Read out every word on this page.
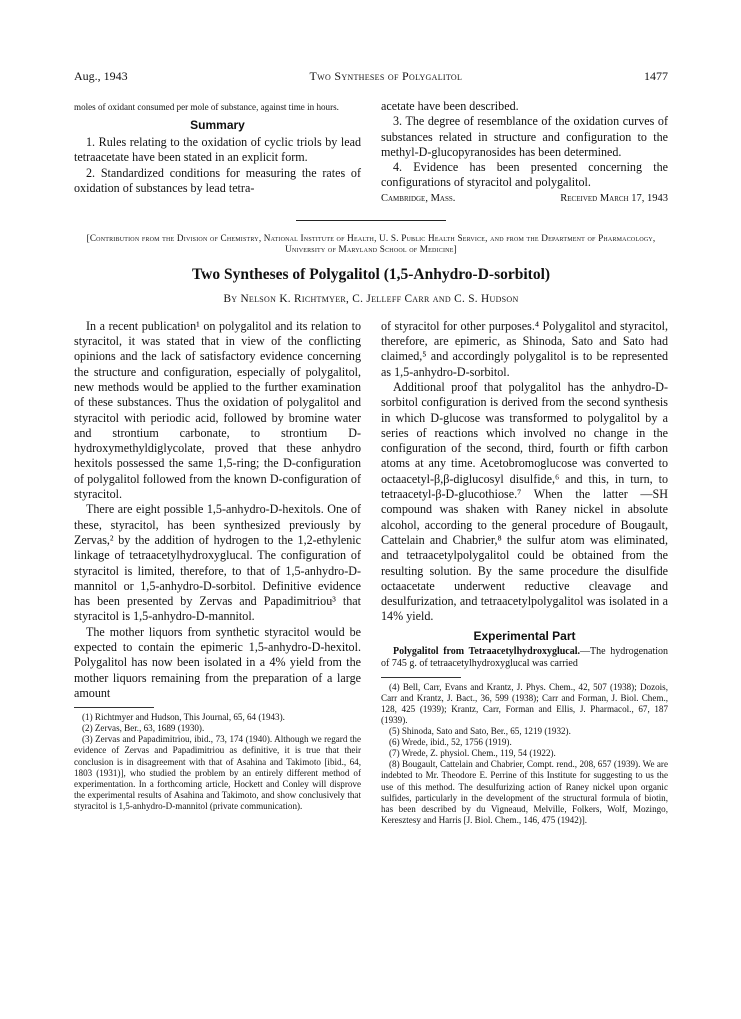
Aug., 1943	Two Syntheses of Polygalitol	1477

moles of oxidant consumed per mole of substance, against time in hours.

Summary

1. Rules relating to the oxidation of cyclic triols by lead tetraacetate have been stated in an explicit form.

2. Standardized conditions for measuring the rates of oxidation of substances by lead tetra-

acetate have been described.

3. The degree of resemblance of the oxidation curves of substances related in structure and configuration to the methyl-D-glucopyranosides has been determined.

4. Evidence has been presented concerning the configurations of styracitol and polygalitol.

Cambridge, Mass.	Received March 17, 1943
[Contribution from the Division of Chemistry, National Institute of Health, U. S. Public Health Service, and from the Department of Pharmacology, University of Maryland School of Medicine]
Two Syntheses of Polygalitol (1,5-Anhydro-D-sorbitol)
By Nelson K. Richtmyer, C. Jelleff Carr and C. S. Hudson

In a recent publication¹ on polygalitol and its relation to styracitol, it was stated that in view of the conflicting opinions and the lack of satisfactory evidence concerning the structure and configuration, especially of polygalitol, new methods would be applied to the further examination of these substances. Thus the oxidation of polygalitol and styracitol with periodic acid, followed by bromine water and strontium carbonate, to strontium D-hydroxymethyldiglycolate, proved that these anhydro hexitols possessed the same 1,5-ring; the D-configuration of polygalitol followed from the known D-configuration of styracitol.

There are eight possible 1,5-anhydro-D-hexitols. One of these, styracitol, has been synthesized previously by Zervas,² by the addition of hydrogen to the 1,2-ethylenic linkage of tetraacetylhydroxyglucal. The configuration of styracitol is limited, therefore, to that of 1,5-anhydro-D-mannitol or 1,5-anhydro-D-sorbitol. Definitive evidence has been presented by Zervas and Papadimitriou³ that styracitol is 1,5-anhydro-D-mannitol.

The mother liquors from synthetic styracitol would be expected to contain the epimeric 1,5-anhydro-D-hexitol. Polygalitol has now been isolated in a 4% yield from the mother liquors remaining from the preparation of a large amount

(1) Richtmyer and Hudson, This Journal, 65, 64 (1943).

(2) Zervas, Ber., 63, 1689 (1930).

(3) Zervas and Papadimitriou, ibid., 73, 174 (1940). Although we regard the evidence of Zervas and Papadimitriou as definitive, it is true that their conclusion is in disagreement with that of Asahina and Takimoto [ibid., 64, 1803 (1931)], who studied the problem by an entirely different method of experimentation. In a forthcoming article, Hockett and Conley will disprove the experimental results of Asahina and Takimoto, and show conclusively that styracitol is 1,5-anhydro-D-mannitol (private communication).

of styracitol for other purposes.⁴ Polygalitol and styracitol, therefore, are epimeric, as Shinoda, Sato and Sato had claimed,⁵ and accordingly polygalitol is to be represented as 1,5-anhydro-D-sorbitol.

Additional proof that polygalitol has the anhydro-D-sorbitol configuration is derived from the second synthesis in which D-glucose was transformed to polygalitol by a series of reactions which involved no change in the configuration of the second, third, fourth or fifth carbon atoms at any time. Acetobromoglucose was converted to octaacetyl-β,β-diglucosyl disulfide,⁶ and this, in turn, to tetraacetyl-β-D-glucothiose.⁷ When the latter —SH compound was shaken with Raney nickel in absolute alcohol, according to the general procedure of Bougault, Cattelain and Chabrier,⁸ the sulfur atom was eliminated, and tetraacetylpolygalitol could be obtained from the resulting solution. By the same procedure the disulfide octaacetate underwent reductive cleavage and desulfurization, and tetraacetylpolygalitol was isolated in a 14% yield.

Experimental Part

Polygalitol from Tetraacetylhydroxyglucal.—The hydrogenation of 745 g. of tetraacetylhydroxyglucal was carried

(4) Bell, Carr, Evans and Krantz, J. Phys. Chem., 42, 507 (1938); Dozois, Carr and Krantz, J. Bact., 36, 599 (1938); Carr and Forman, J. Biol. Chem., 128, 425 (1939); Krantz, Carr, Forman and Ellis, J. Pharmacol., 67, 187 (1939).

(5) Shinoda, Sato and Sato, Ber., 65, 1219 (1932).

(6) Wrede, ibid., 52, 1756 (1919).

(7) Wrede, Z. physiol. Chem., 119, 54 (1922).

(8) Bougault, Cattelain and Chabrier, Compt. rend., 208, 657 (1939). We are indebted to Mr. Theodore E. Perrine of this Institute for suggesting to us the use of this method. The desulfurizing action of Raney nickel upon organic sulfides, particularly in the development of the structural formula of biotin, has been described by du Vigneaud, Melville, Folkers, Wolf, Mozingo, Keresztesy and Harris [J. Biol. Chem., 146, 475 (1942)].
